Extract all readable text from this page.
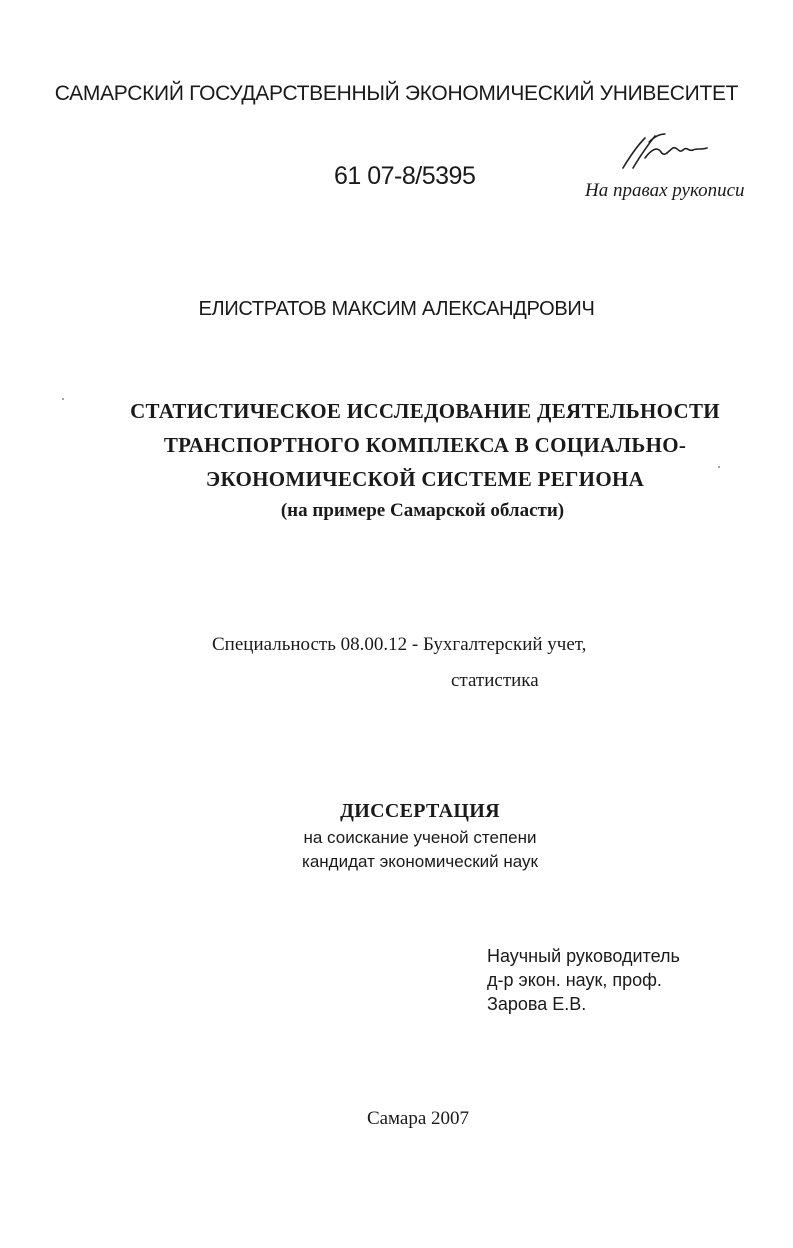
САМАРСКИЙ ГОСУДАРСТВЕННЫЙ ЭКОНОМИЧЕСКИЙ УНИВЕСИТЕТ
61 07-8/5395
На правах рукописи
ЕЛИСТРАТОВ МАКСИМ АЛЕКСАНДРОВИЧ
СТАТИСТИЧЕСКОЕ ИССЛЕДОВАНИЕ ДЕЯТЕЛЬНОСТИ
ТРАНСПОРТНОГО КОМПЛЕКСА В СОЦИАЛЬНО-
ЭКОНОМИЧЕСКОЙ СИСТЕМЕ РЕГИОНА
(на примере Самарской области)
Специальность 08.00.12 - Бухгалтерский учет,
статистика
ДИССЕРТАЦИЯ
на соискание ученой степени
кандидат экономический наук
Научный руководитель
д-р экон. наук, проф.
Зарова Е.В.
Самара 2007
